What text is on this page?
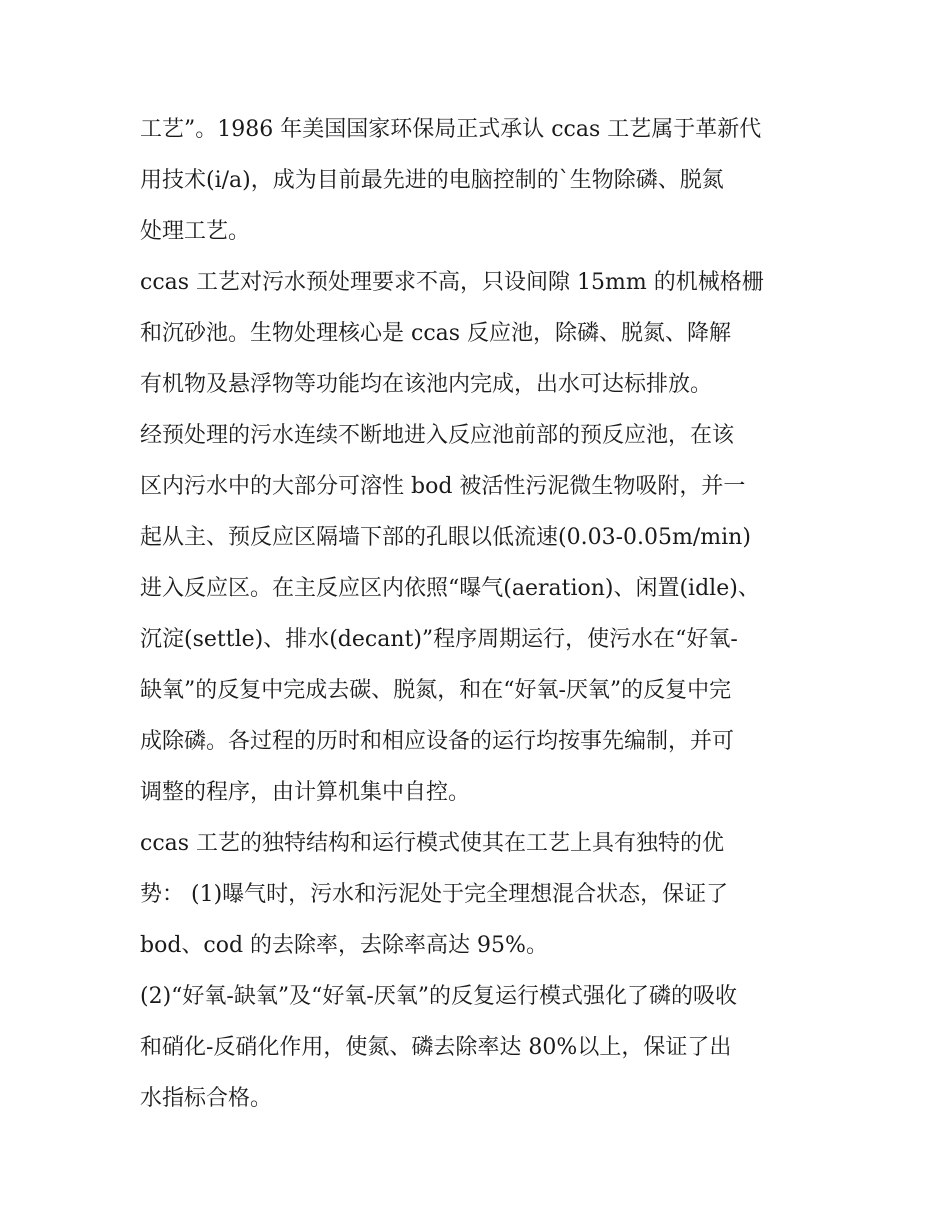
工艺”。1986 年美国国家环保局正式承认 ccas 工艺属于革新代
用技术(i/a)，成为目前最先进的电脑控制的`生物除磷、脱氮
处理工艺。
ccas 工艺对污水预处理要求不高，只设间隙 15mm 的机械格栅
和沉砂池。生物处理核心是 ccas 反应池，除磷、脱氮、降解
有机物及悬浮物等功能均在该池内完成，出水可达标排放。
经预处理的污水连续不断地进入反应池前部的预反应池，在该
区内污水中的大部分可溶性 bod 被活性污泥微生物吸附，并一
起从主、预反应区隔墙下部的孔眼以低流速(0.03-0.05m/min)
进入反应区。在主反应区内依照“曝气(aeration)、闲置(idle)、
沉淀(settle)、排水(decant)”程序周期运行，使污水在“好氧-
缺氧”的反复中完成去碳、脱氮，和在“好氧-厌氧”的反复中完
成除磷。各过程的历时和相应设备的运行均按事先编制，并可
调整的程序，由计算机集中自控。
ccas 工艺的独特结构和运行模式使其在工艺上具有独特的优
势： (1)曝气时，污水和污泥处于完全理想混合状态，保证了
bod、cod 的去除率，去除率高达 95%。
(2)“好氧-缺氧”及“好氧-厌氧”的反复运行模式强化了磷的吸收
和硝化-反硝化作用，使氮、磷去除率达 80%以上，保证了出
水指标合格。
